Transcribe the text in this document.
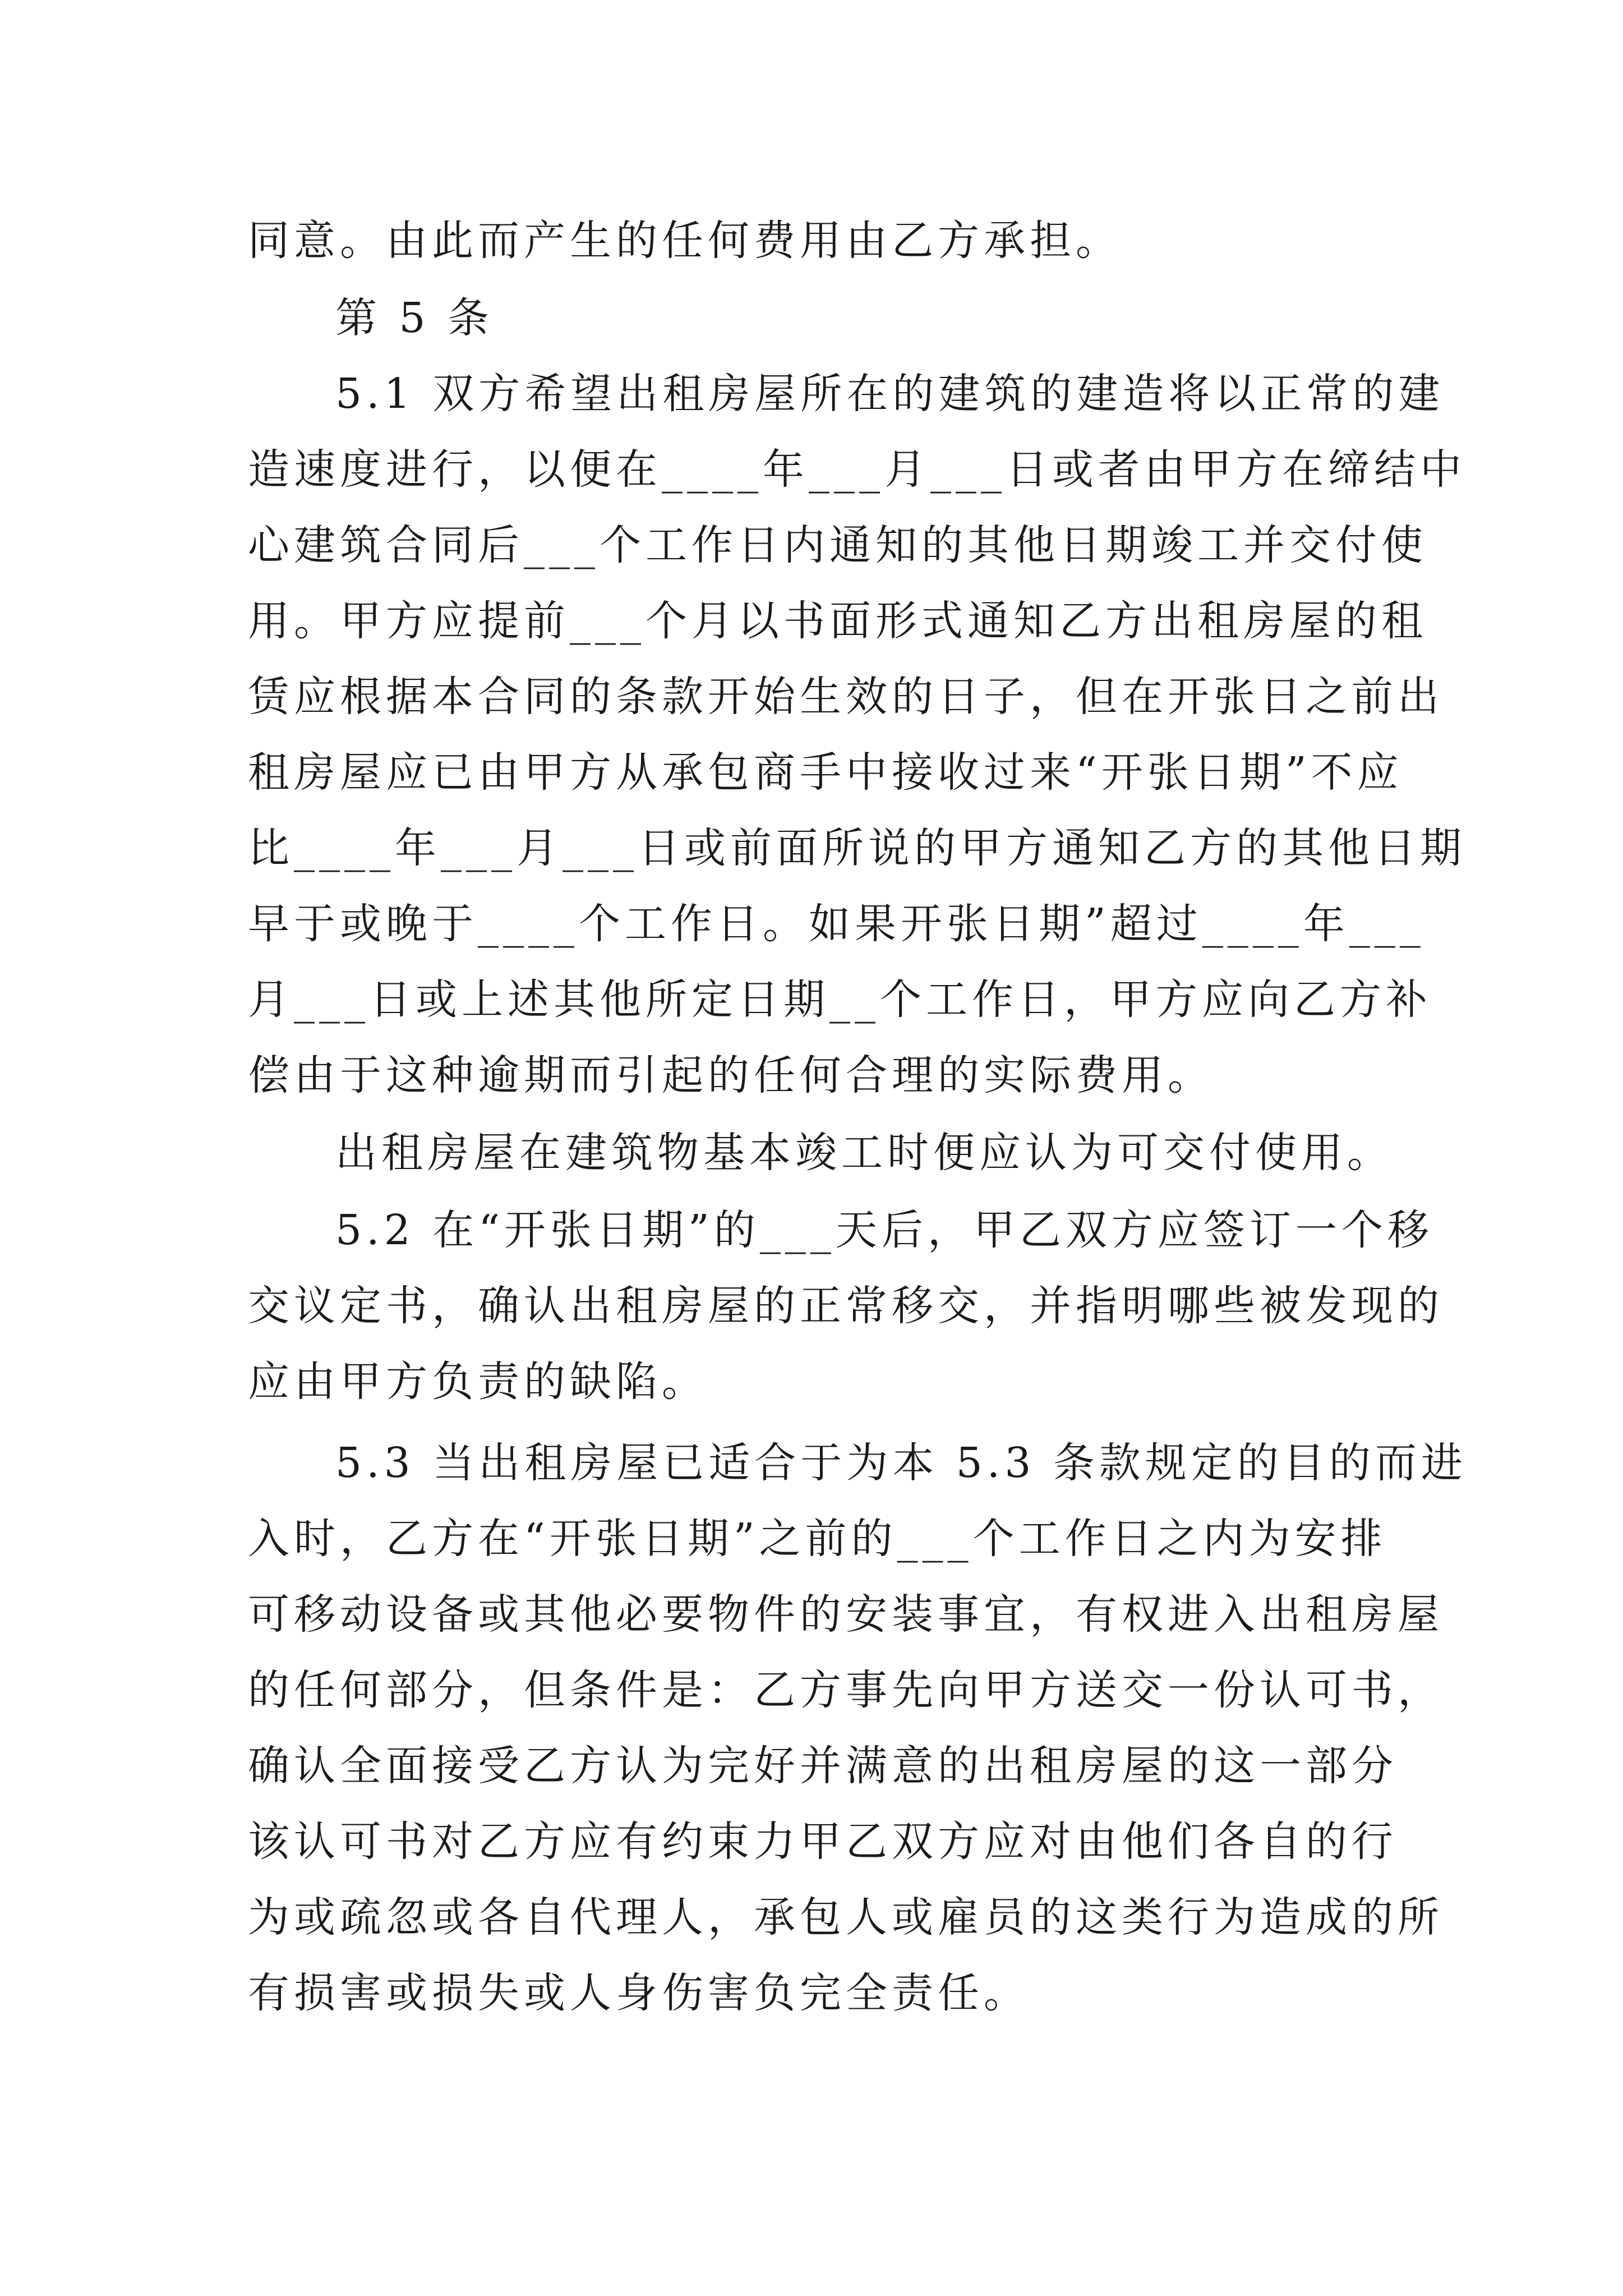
同意。由此而产生的任何费用由乙方承担。
第 5 条
5.1 双方希望出租房屋所在的建筑的建造将以正常的建
造速度进行，以便在____年___月___日或者由甲方在缔结中
心建筑合同后___个工作日内通知的其他日期竣工并交付使
用。甲方应提前___个月以书面形式通知乙方出租房屋的租
赁应根据本合同的条款开始生效的日子，但在开张日之前出
租房屋应已由甲方从承包商手中接收过来“开张日期”不应
比____年___月___日或前面所说的甲方通知乙方的其他日期
早于或晚于____个工作日。如果开张日期”超过____年___
月___日或上述其他所定日期__个工作日，甲方应向乙方补
偿由于这种逾期而引起的任何合理的实际费用。
出租房屋在建筑物基本竣工时便应认为可交付使用。
5.2 在“开张日期”的___天后，甲乙双方应签订一个移
交议定书，确认出租房屋的正常移交，并指明哪些被发现的
应由甲方负责的缺陷。
5.3 当出租房屋已适合于为本 5.3 条款规定的目的而进
入时，乙方在“开张日期”之前的___个工作日之内为安排
可移动设备或其他必要物件的安装事宜，有权进入出租房屋
的任何部分，但条件是：乙方事先向甲方送交一份认可书，
确认全面接受乙方认为完好并满意的出租房屋的这一部分
该认可书对乙方应有约束力甲乙双方应对由他们各自的行
为或疏忽或各自代理人，承包人或雇员的这类行为造成的所
有损害或损失或人身伤害负完全责任。
